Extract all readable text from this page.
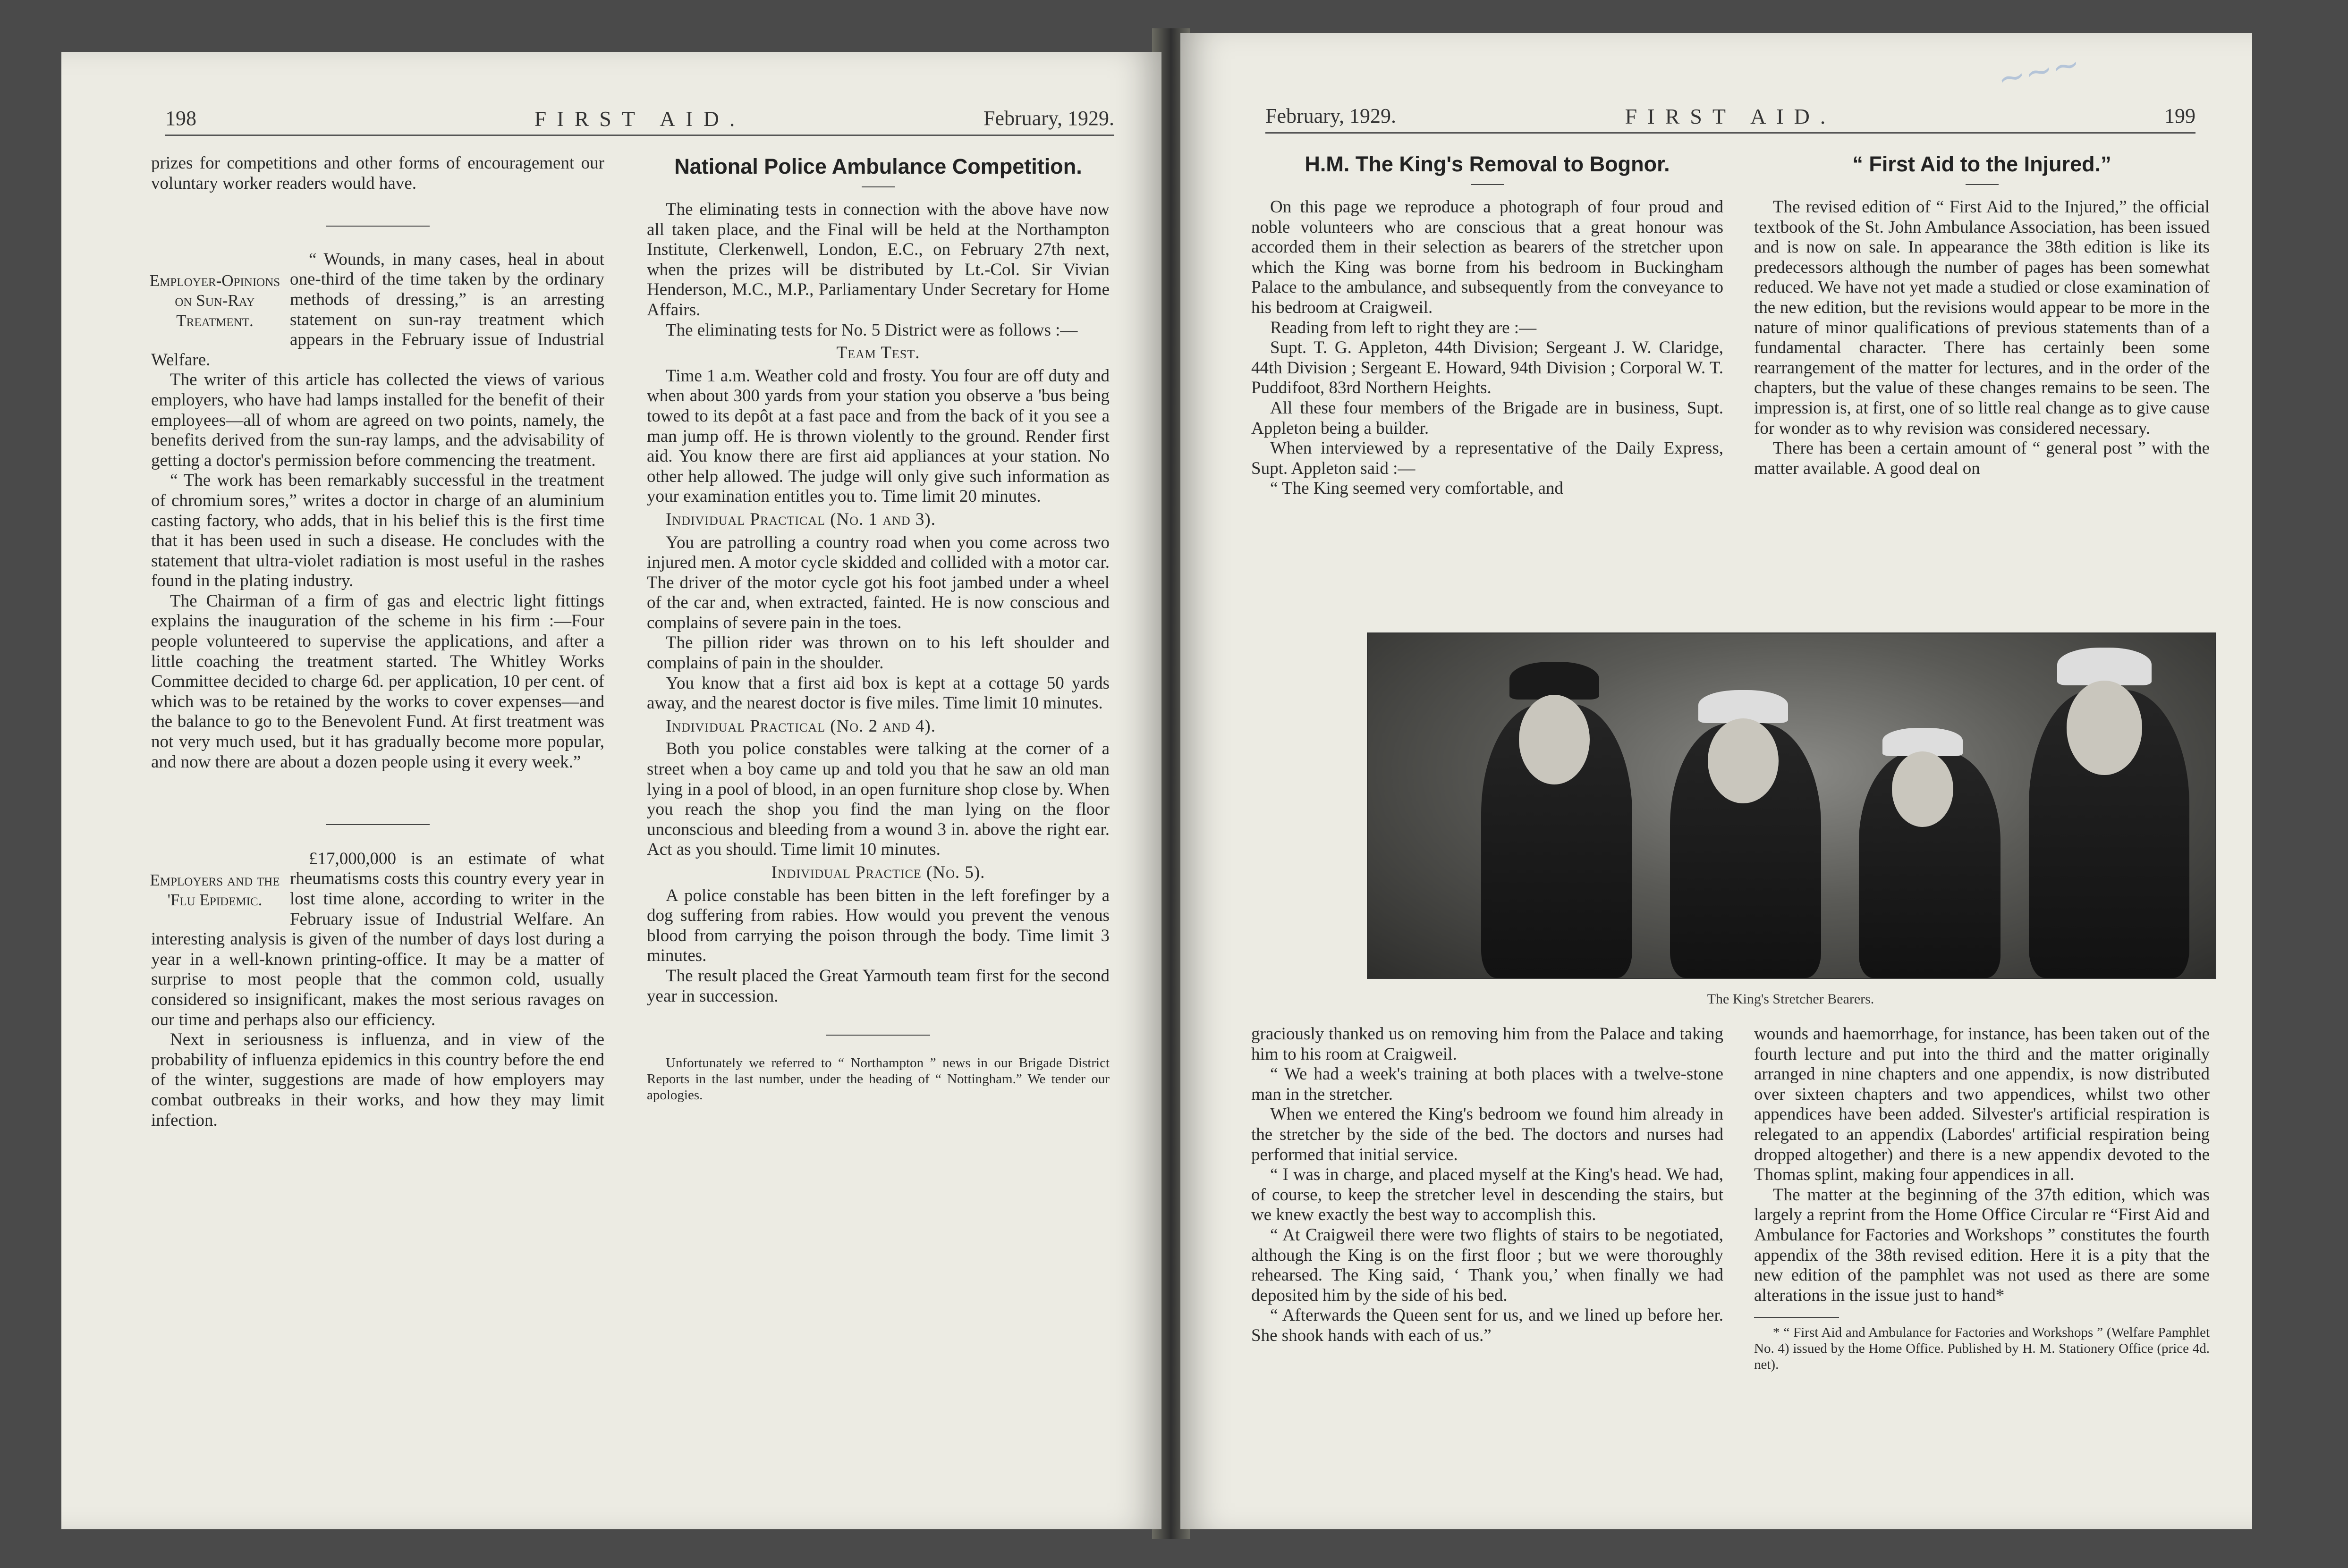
198	FIRST AID.	February, 1929.

prizes for competitions and other forms of encouragement our voluntary worker readers would have.

Employer-Opinions on Sun-Ray Treatment.

“ Wounds, in many cases, heal in about one-third of the time taken by the ordinary methods of dressing,” is an arresting statement on sun-ray treatment which appears in the February issue of Industrial Welfare.

The writer of this article has collected the views of various employers, who have had lamps installed for the benefit of their employees—all of whom are agreed on two points, namely, the benefits derived from the sun-ray lamps, and the advisability of getting a doctor's permission before commencing the treatment.

“ The work has been remarkably successful in the treatment of chromium sores,” writes a doctor in charge of an aluminium casting factory, who adds, that in his belief this is the first time that it has been used in such a disease. He concludes with the statement that ultra-violet radiation is most useful in the rashes found in the plating industry.

The Chairman of a firm of gas and electric light fittings explains the inauguration of the scheme in his firm :—Four people volunteered to supervise the applications, and after a little coaching the treatment started. The Whitley Works Committee decided to charge 6d. per application, 10 per cent. of which was to be retained by the works to cover expenses—and the balance to go to the Benevolent Fund. At first treatment was not very much used, but it has gradually become more popular, and now there are about a dozen people using it every week.”

Employers and the 'Flu Epidemic.

£17,000,000 is an estimate of what rheumatisms costs this country every year in lost time alone, according to writer in the February issue of Industrial Welfare. An interesting analysis is given of the number of days lost during a year in a well-known printing-office. It may be a matter of surprise to most people that the common cold, usually considered so insignificant, makes the most serious ravages on our time and perhaps also our efficiency.

Next in seriousness is influenza, and in view of the probability of influenza epidemics in this country before the end of the winter, suggestions are made of how employers may combat outbreaks in their works, and how they may limit infection.

National Police Ambulance Competition.

The eliminating tests in connection with the above have now all taken place, and the Final will be held at the Northampton Institute, Clerkenwell, London, E.C., on February 27th next, when the prizes will be distributed by Lt.-Col. Sir Vivian Henderson, M.C., M.P., Parliamentary Under Secretary for Home Affairs.

The eliminating tests for No. 5 District were as follows :—

Team Test.

Time 1 a.m. Weather cold and frosty. You four are off duty and when about 300 yards from your station you observe a 'bus being towed to its depôt at a fast pace and from the back of it you see a man jump off. He is thrown violently to the ground. Render first aid. You know there are first aid appliances at your station. No other help allowed. The judge will only give such information as your examination entitles you to. Time limit 20 minutes.

Individual Practical (No. 1 and 3).

You are patrolling a country road when you come across two injured men. A motor cycle skidded and collided with a motor car. The driver of the motor cycle got his foot jambed under a wheel of the car and, when extracted, fainted. He is now conscious and complains of severe pain in the toes.

The pillion rider was thrown on to his left shoulder and complains of pain in the shoulder.

You know that a first aid box is kept at a cottage 50 yards away, and the nearest doctor is five miles. Time limit 10 minutes.

Individual Practical (No. 2 and 4).

Both you police constables were talking at the corner of a street when a boy came up and told you that he saw an old man lying in a pool of blood, in an open furniture shop close by. When you reach the shop you find the man lying on the floor unconscious and bleeding from a wound 3 in. above the right ear. Act as you should. Time limit 10 minutes.

Individual Practice (No. 5).

A police constable has been bitten in the left forefinger by a dog suffering from rabies. How would you prevent the venous blood from carrying the poison through the body. Time limit 3 minutes.

The result placed the Great Yarmouth team first for the second year in succession.

Unfortunately we referred to “ Northampton ” news in our Brigade District Reports in the last number, under the heading of “ Nottingham.” We tender our apologies.

February, 1929.	FIRST AID.	199
~~~
H.M. The King's Removal to Bognor.

On this page we reproduce a photograph of four proud and noble volunteers who are conscious that a great honour was accorded them in their selection as bearers of the stretcher upon which the King was borne from his bedroom in Buckingham Palace to the ambulance, and subsequently from the conveyance to his bedroom at Craigweil.

Reading from left to right they are :—

Supt. T. G. Appleton, 44th Division; Sergeant J. W. Claridge, 44th Division ; Sergeant E. Howard, 94th Division ; Corporal W. T. Puddifoot, 83rd Northern Heights.

All these four members of the Brigade are in business, Supt. Appleton being a builder.

When interviewed by a representative of the Daily Express, Supt. Appleton said :—

“ The King seemed very comfortable, and

“ First Aid to the Injured.”

The revised edition of “ First Aid to the Injured,” the official textbook of the St. John Ambulance Association, has been issued and is now on sale. In appearance the 38th edition is like its predecessors although the number of pages has been somewhat reduced. We have not yet made a studied or close examination of the new edition, but the revisions would appear to be more in the nature of minor qualifications of previous statements than of a fundamental character. There has certainly been some rearrangement of the matter for lectures, and in the order of the chapters, but the value of these changes remains to be seen. The impression is, at first, one of so little real change as to give cause for wonder as to why revision was considered necessary.

There has been a certain amount of “ general post ” with the matter available. A good deal on

The King's Stretcher Bearers.

graciously thanked us on removing him from the Palace and taking him to his room at Craigweil.

“ We had a week's training at both places with a twelve-stone man in the stretcher.

When we entered the King's bedroom we found him already in the stretcher by the side of the bed. The doctors and nurses had performed that initial service.

“ I was in charge, and placed myself at the King's head. We had, of course, to keep the stretcher level in descending the stairs, but we knew exactly the best way to accomplish this.

“ At Craigweil there were two flights of stairs to be negotiated, although the King is on the first floor ; but we were thoroughly rehearsed. The King said, ‘ Thank you,’ when finally we had deposited him by the side of his bed.

“ Afterwards the Queen sent for us, and we lined up before her. She shook hands with each of us.”

wounds and haemorrhage, for instance, has been taken out of the fourth lecture and put into the third and the matter originally arranged in nine chapters and one appendix, is now distributed over sixteen chapters and two appendices, whilst two other appendices have been added. Silvester's artificial respiration is relegated to an appendix (Labordes' artificial respiration being dropped altogether) and there is a new appendix devoted to the Thomas splint, making four appendices in all.

The matter at the beginning of the 37th edition, which was largely a reprint from the Home Office Circular re “First Aid and Ambulance for Factories and Workshops ” constitutes the fourth appendix of the 38th revised edition. Here it is a pity that the new edition of the pamphlet was not used as there are some alterations in the issue just to hand*

* “ First Aid and Ambulance for Factories and Workshops ” (Welfare Pamphlet No. 4) issued by the Home Office. Published by H. M. Stationery Office (price 4d. net).
